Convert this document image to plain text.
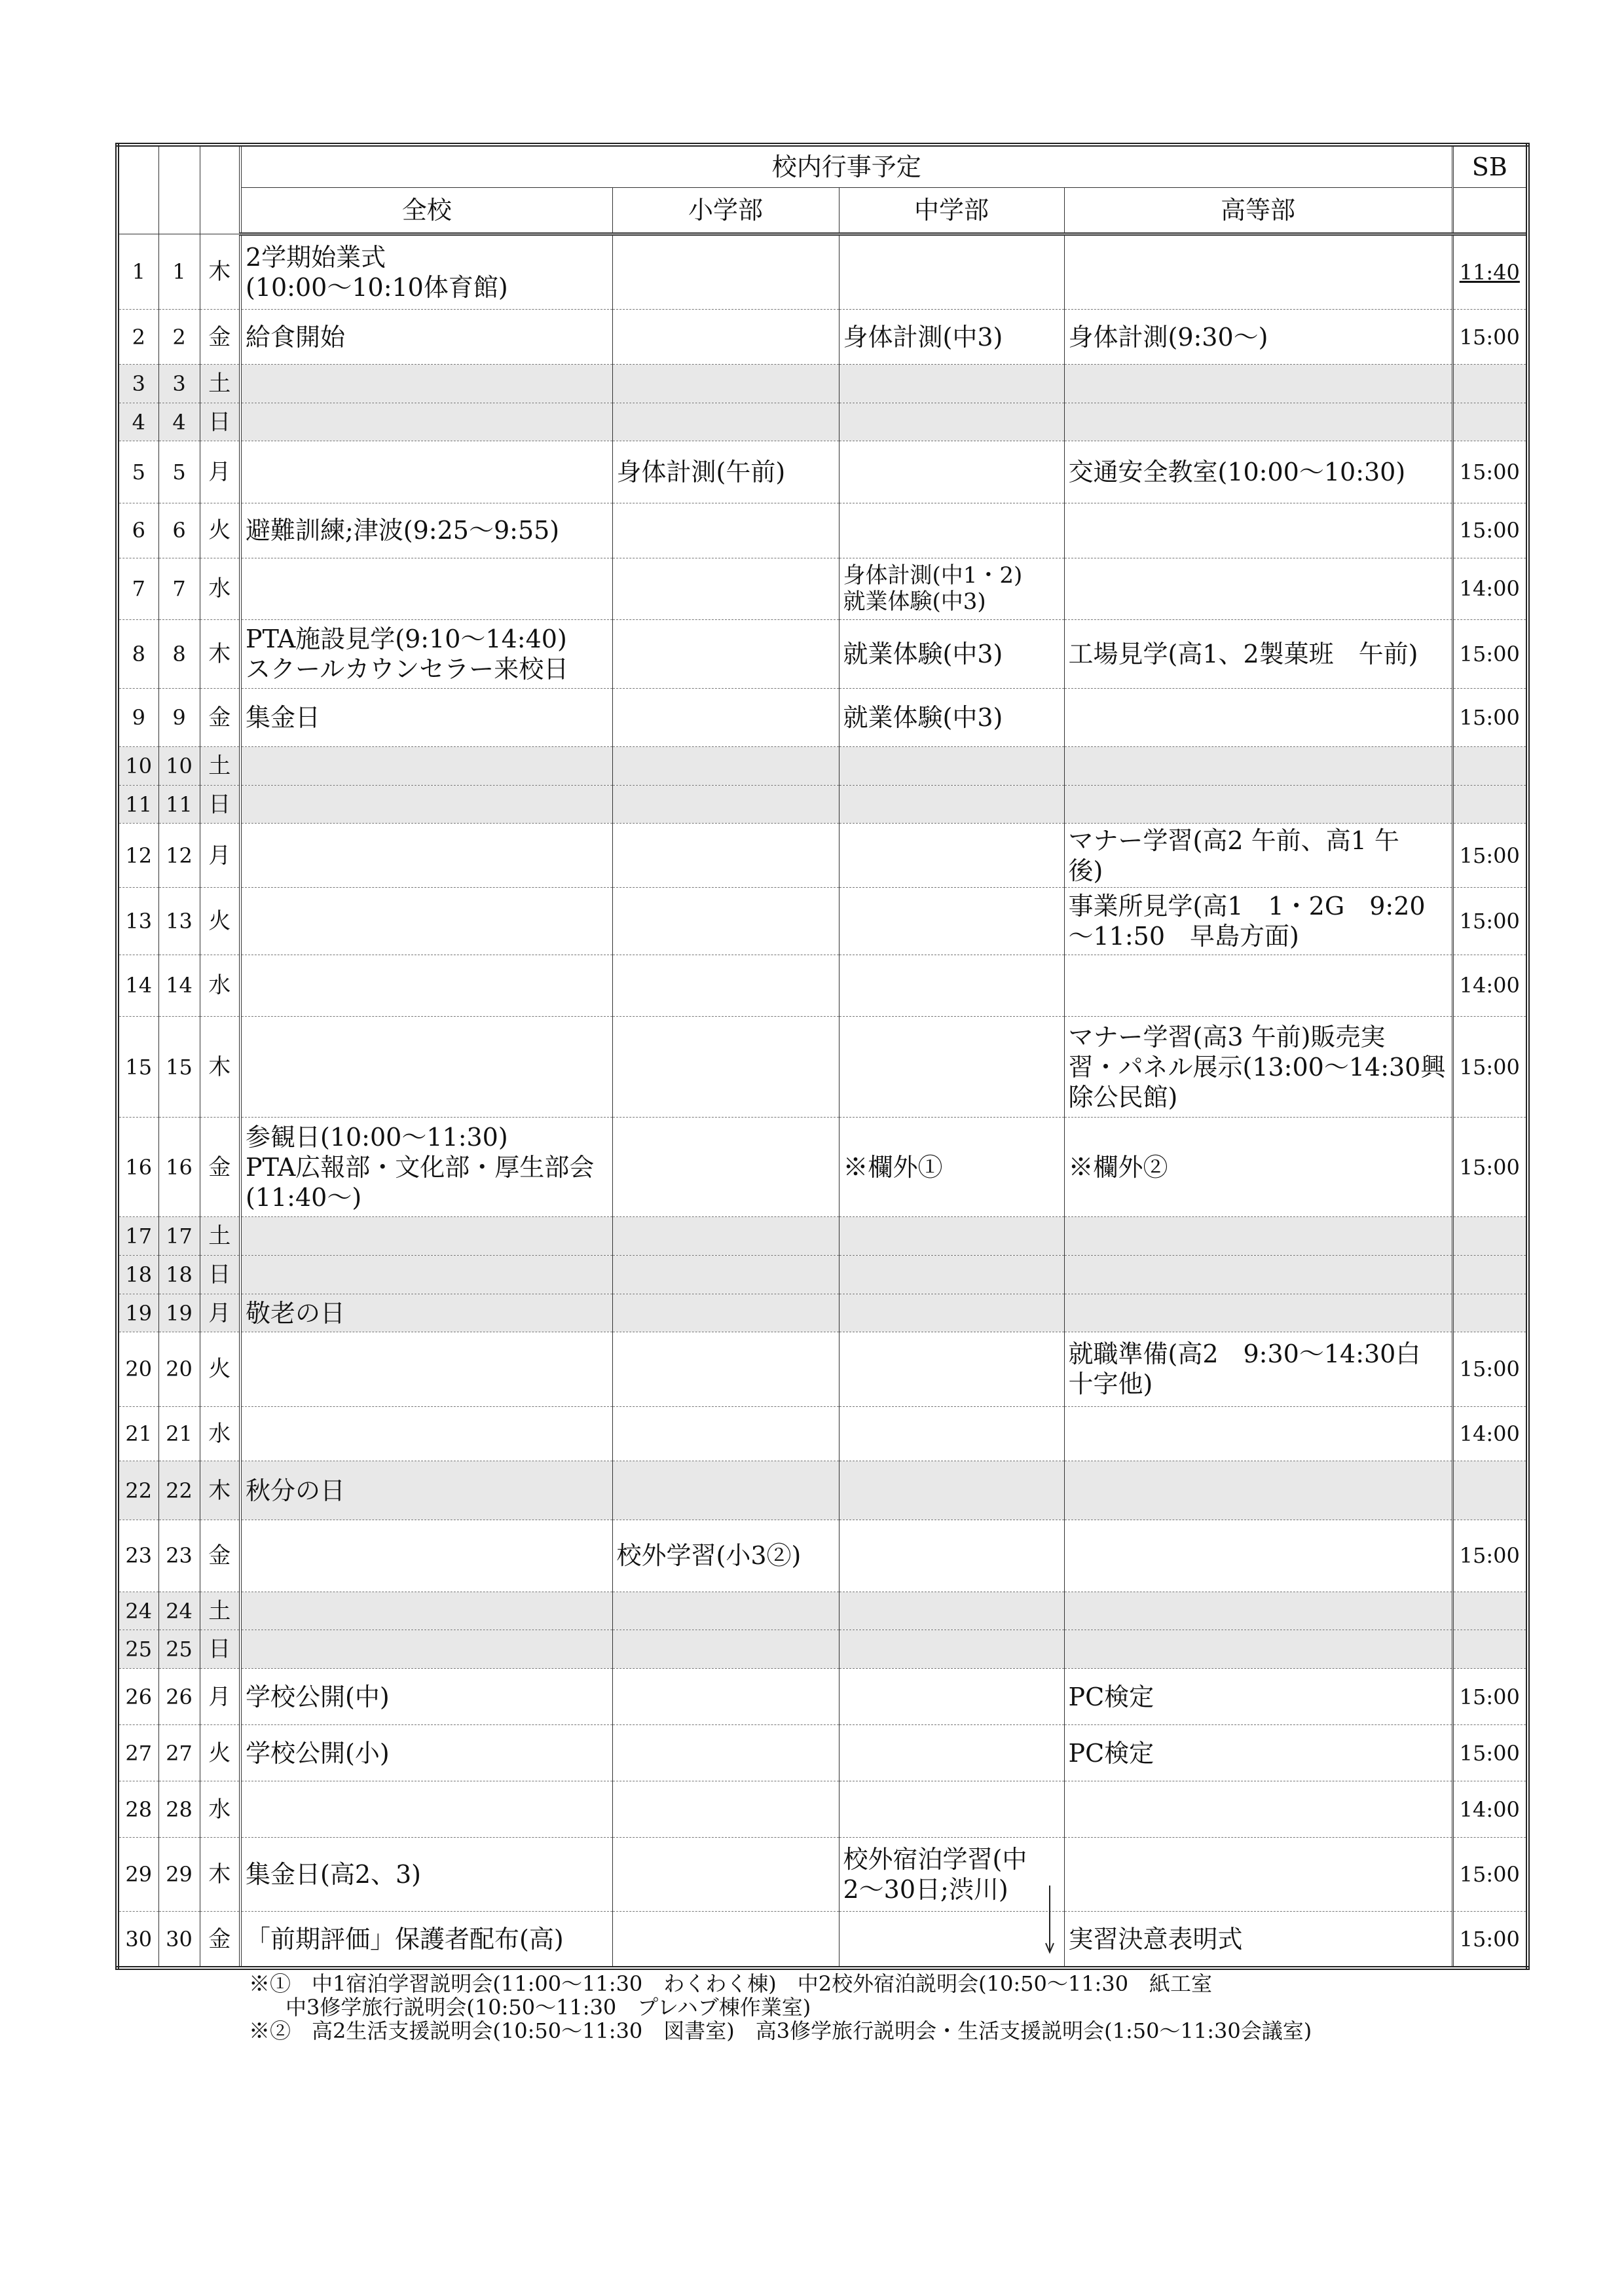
			校内行事予定				SB
			全校	小学部	中学部	高等部	
1	1	木	2学期始業式
(10:00〜10:10体育館)				11:40
2	2	金	給食開始		身体計測(中3)	身体計測(9:30〜)	15:00
3	3	土					
4	4	日					
5	5	月		身体計測(午前)		交通安全教室(10:00〜10:30)	15:00
6	6	火	避難訓練;津波(9:25〜9:55)				15:00
7	7	水			身体計測(中1・2)
就業体験(中3)		14:00
8	8	木	PTA施設見学(9:10〜14:40)
スクールカウンセラー来校日		就業体験(中3)	工場見学(高1、2製菓班　午前)	15:00
9	9	金	集金日		就業体験(中3)		15:00
10	10	土					
11	11	日					
12	12	月				マナー学習(高2 午前、高1 午
後)	15:00
13	13	火				事業所見学(高1　1・2G　9:20
〜11:50　早島方面)	15:00
14	14	水					14:00
15	15	木				マナー学習(高3 午前)販売実
習・パネル展示(13:00〜14:30興
除公民館)	15:00
16	16	金	参観日(10:00〜11:30)
PTA広報部・文化部・厚生部会
(11:40〜)		※欄外①	※欄外②	15:00
17	17	土					
18	18	日					
19	19	月	敬老の日				
20	20	火				就職準備(高2　9:30〜14:30白
十字他)	15:00
21	21	水					14:00
22	22	木	秋分の日				
23	23	金		校外学習(小3②)			15:00
24	24	土					
25	25	日					
26	26	月	学校公開(中)			PC検定	15:00
27	27	火	学校公開(小)			PC検定	15:00
28	28	水					14:00
29	29	木	集金日(高2、3)		校外宿泊学習(中
2〜30日;渋川)		15:00
30	30	金	「前期評価」保護者配布(高)			実習決意表明式	15:00
※①　中1宿泊学習説明会(11:00〜11:30　わくわく棟)　中2校外宿泊説明会(10:50〜11:30　紙工室
中3修学旅行説明会(10:50〜11:30　プレハブ棟作業室)
※②　高2生活支援説明会(10:50〜11:30　図書室)　高3修学旅行説明会・生活支援説明会(1:50〜11:30会議室)
